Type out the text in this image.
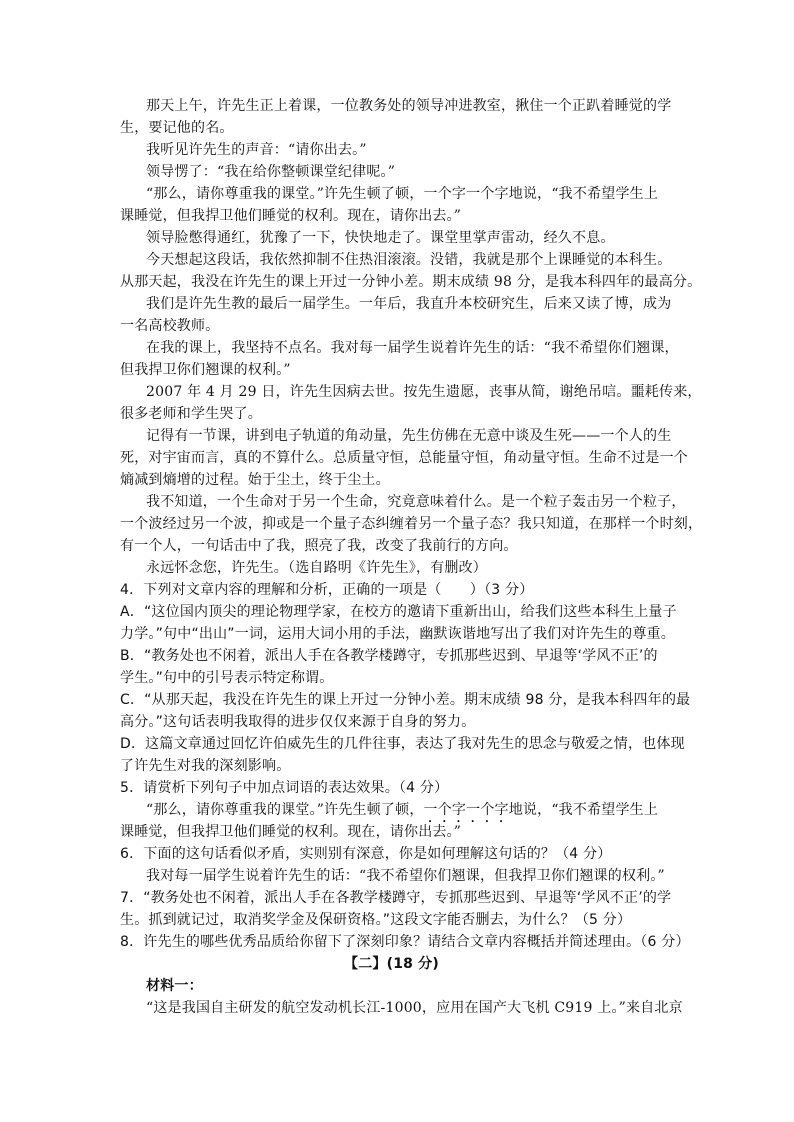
那天上午，许先生正上着课，一位教务处的领导冲进教室，揪住一个正趴着睡觉的学
生，要记他的名。
我听见许先生的声音：“请你出去。”
领导愣了：“我在给你整顿课堂纪律呢。”
“那么，请你尊重我的课堂。”许先生顿了顿，一个字一个字地说，“我不希望学生上
课睡觉，但我捍卫他们睡觉的权利。现在，请你出去。”
领导脸憋得通红，犹豫了一下，快快地走了。课堂里掌声雷动，经久不息。
今天想起这段话，我依然抑制不住热泪滚滚。没错，我就是那个上课睡觉的本科生。
从那天起，我没在许先生的课上开过一分钟小差。期末成绩 98 分，是我本科四年的最高分。
我们是许先生教的最后一届学生。一年后，我直升本校研究生，后来又读了博，成为
一名高校教师。
在我的课上，我坚持不点名。我对每一届学生说着许先生的话：“我不希望你们翘课，
但我捍卫你们翘课的权利。”
2007 年 4 月 29 日，许先生因病去世。按先生遗愿，丧事从简，谢绝吊唁。噩耗传来，
很多老师和学生哭了。
记得有一节课，讲到电子轨道的角动量，先生仿佛在无意中谈及生死——一个人的生
死，对宇宙而言，真的不算什么。总质量守恒，总能量守恒，角动量守恒。生命不过是一个
熵减到熵增的过程。始于尘土，终于尘土。
我不知道，一个生命对于另一个生命，究竟意味着什么。是一个粒子轰击另一个粒子，
一个波经过另一个波，抑或是一个量子态纠缠着另一个量子态？我只知道，在那样一个时刻，
有一个人，一句话击中了我，照亮了我，改变了我前行的方向。
永远怀念您，许先生。（选自路明《许先生》，有删改）
4．下列对文章内容的理解和分析，正确的一项是（　　）（3 分）
A．“这位国内顶尖的理论物理学家，在校方的邀请下重新出山，给我们这些本科生上量子
力学。”句中“出山”一词，运用大词小用的手法，幽默诙谐地写出了我们对许先生的尊重。
B．“教务处也不闲着，派出人手在各教学楼蹲守，专抓那些迟到、早退等‘学风不正’的
学生。”句中的引号表示特定称谓。
C．“从那天起，我没在许先生的课上开过一分钟小差。期末成绩 98 分，是我本科四年的最
高分。”这句话表明我取得的进步仅仅来源于自身的努力。
D．这篇文章通过回忆许伯威先生的几件往事，表达了我对先生的思念与敬爱之情，也体现
了许先生对我的深刻影响。
5．请赏析下列句子中加点词语的表达效果。（4 分）
“那么，请你尊重我的课堂。”许先生顿了顿，一个字一个字地说，“我不希望学生上
课睡觉，但我捍卫他们睡觉的权利。现在，请你出去。”
6．下面的这句话看似矛盾，实则别有深意，你是如何理解这句话的？（4 分）
我对每一届学生说着许先生的话：“我不希望你们翘课，但我捍卫你们翘课的权利。”
7．“教务处也不闲着，派出人手在各教学楼蹲守，专抓那些迟到、早退等‘学风不正’的学
生。抓到就记过，取消奖学金及保研资格。”这段文字能否删去，为什么？（5 分）
8．许先生的哪些优秀品质给你留下了深刻印象？请结合文章内容概括并简述理由。（6 分）
【二】(18 分)
材料一：
“这是我国自主研发的航空发动机长江-1000，应用在国产大飞机 C919 上。”来自北京
